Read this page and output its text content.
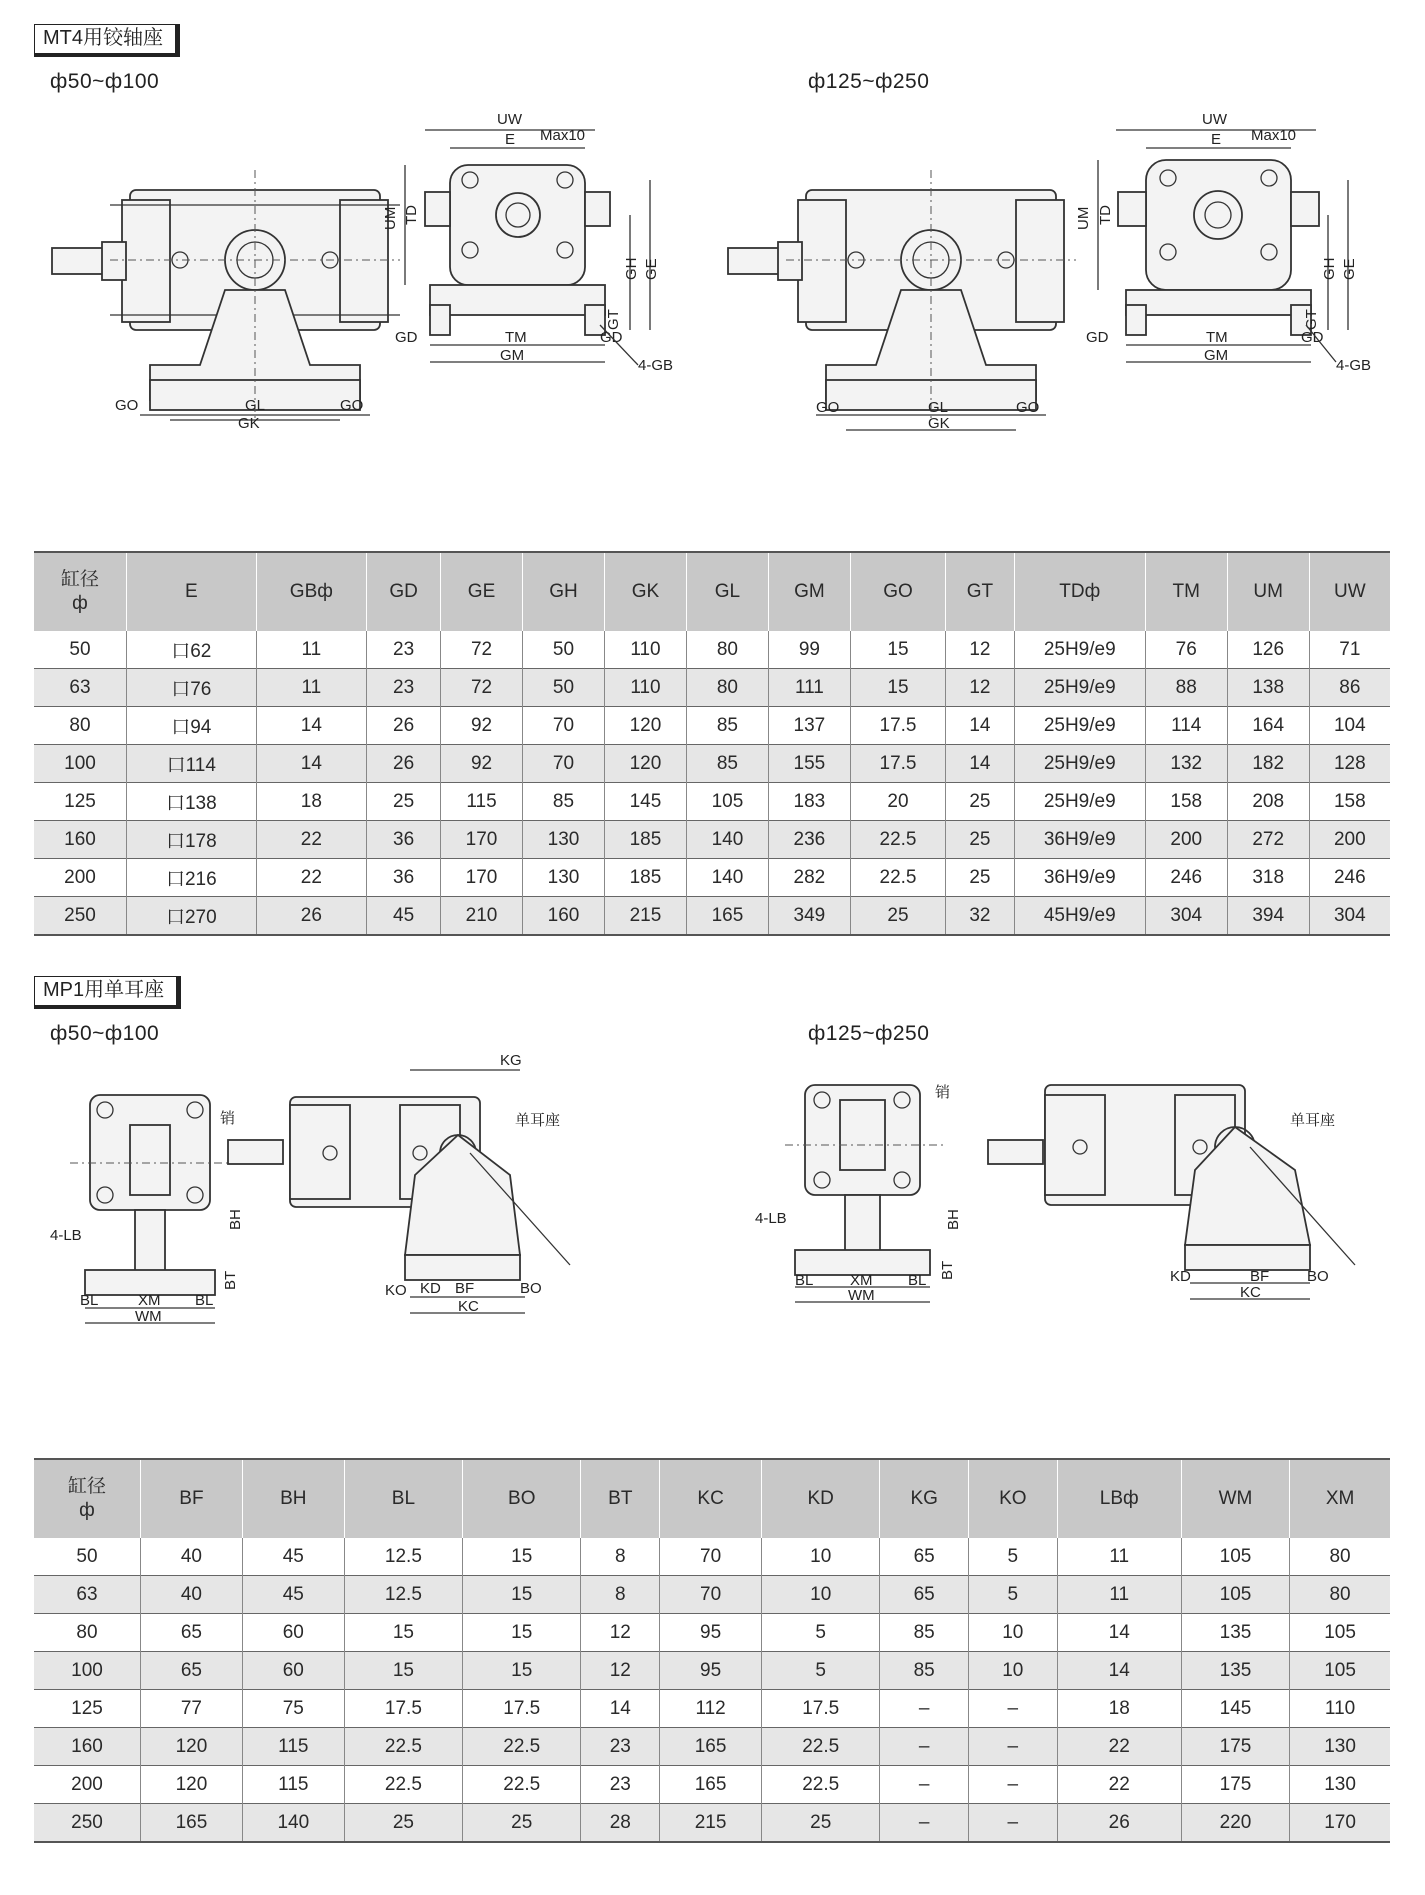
MT4用铰轴座
ф50~ф100	ф125~ф250
GO	GL
GK
GO
UW
E Max10
UM TD
GH GE
GT
GD	TM	GD
GM
4-GB
GO	GL
GK
GO
UW
E Max10
UM TD
GH GE
GT
GD	TM	GD
GM
4-GB
缸径
ф	E	GBф	GD	GE	GH	GK	GL	GM	GO	GT	TDф	TM	UM	UW
50	口62	11	23	72	50	110	80	99	15	12	25H9/e9	76	126	71
63	口76	11	23	72	50	110	80	111	15	12	25H9/e9	88	138	86
80	口94	14	26	92	70	120	85	137	17.5	14	25H9/e9	114	164	104
100	口114	14	26	92	70	120	85	155	17.5	14	25H9/e9	132	182	128
125	口138	18	25	115	85	145	105	183	20	25	25H9/e9	158	208	158
160	口178	22	36	170	130	185	140	236	22.5	25	36H9/e9	200	272	200
200	口216	22	36	170	130	185	140	282	22.5	25	36H9/e9	246	318	246
250	口270	26	45	210	160	215	165	349	25	32	45H9/e9	304	394	304
MP1用单耳座
ф50~ф100	ф125~ф250
销
4-LB
BH
BT
BL	XM BL
WM
KG
单耳座
KO KD BF	BO
KC
销
4-LB	BH
BT
BL XM BL
WM
单耳座
KD	BF	BO
KC
缸径
ф	BF	BH	BL	BO	BT	KC	KD	KG	KO	LBф	WM	XM
50	40	45	12.5	15	8	70	10	65	5	11	105	80
63	40	45	12.5	15	8	70	10	65	5	11	105	80
80	65	60	15	15	12	95	5	85	10	14	135	105
100	65	60	15	15	12	95	5	85	10	14	135	105
125	77	75	17.5	17.5	14	112	17.5	–	–	18	145	110
160	120	115	22.5	22.5	23	165	22.5	–	–	22	175	130
200	120	115	22.5	22.5	23	165	22.5	–	–	22	175	130
250	165	140	25	25	28	215	25	–	–	26	220	170
